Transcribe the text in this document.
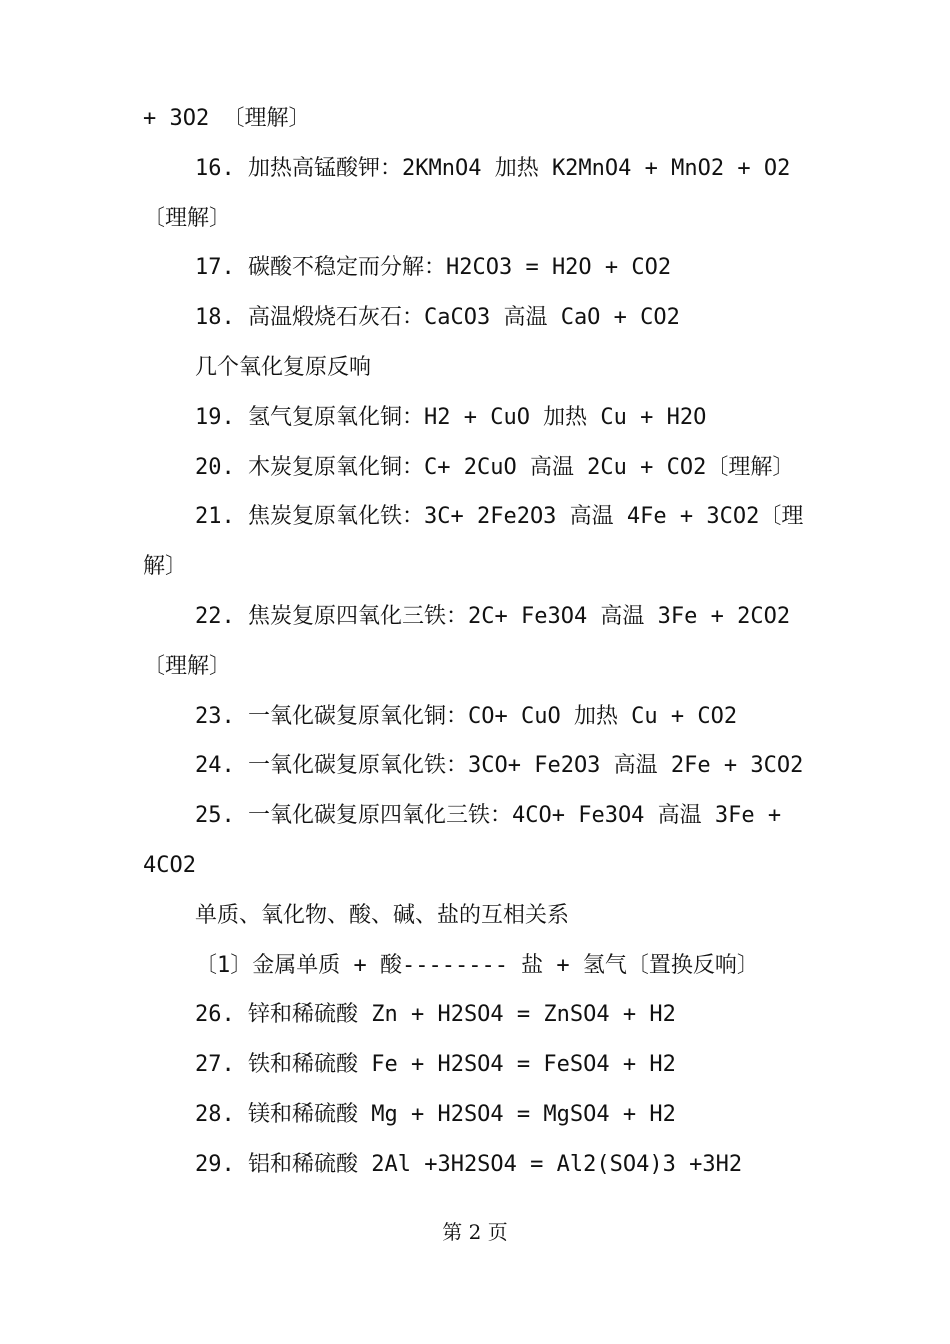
+ 3O2 〔理解〕
16. 加热高锰酸钾：2KMnO4 加热 K2MnO4 + MnO2 + O2
〔理解〕
17. 碳酸不稳定而分解：H2CO3 = H2O + CO2
18. 高温煅烧石灰石：CaCO3 高温 CaO + CO2
几个氧化复原反响
19. 氢气复原氧化铜：H2 + CuO 加热 Cu + H2O
20. 木炭复原氧化铜：C+ 2CuO 高温 2Cu + CO2〔理解〕
21. 焦炭复原氧化铁：3C+ 2Fe2O3 高温 4Fe + 3CO2〔理
解〕
22. 焦炭复原四氧化三铁：2C+ Fe3O4 高温 3Fe + 2CO2
〔理解〕
23. 一氧化碳复原氧化铜：CO+ CuO 加热 Cu + CO2
24. 一氧化碳复原氧化铁：3CO+ Fe2O3 高温 2Fe + 3CO2
25. 一氧化碳复原四氧化三铁：4CO+ Fe3O4 高温 3Fe +
4CO2
单质、氧化物、酸、碱、盐的互相关系
〔1〕金属单质 + 酸-------- 盐 + 氢气〔置换反响〕
26. 锌和稀硫酸 Zn + H2SO4 = ZnSO4 + H2
27. 铁和稀硫酸 Fe + H2SO4 = FeSO4 + H2
28. 镁和稀硫酸 Mg + H2SO4 = MgSO4 + H2
29. 铝和稀硫酸 2Al +3H2SO4 = Al2(SO4)3 +3H2
第 2 页
